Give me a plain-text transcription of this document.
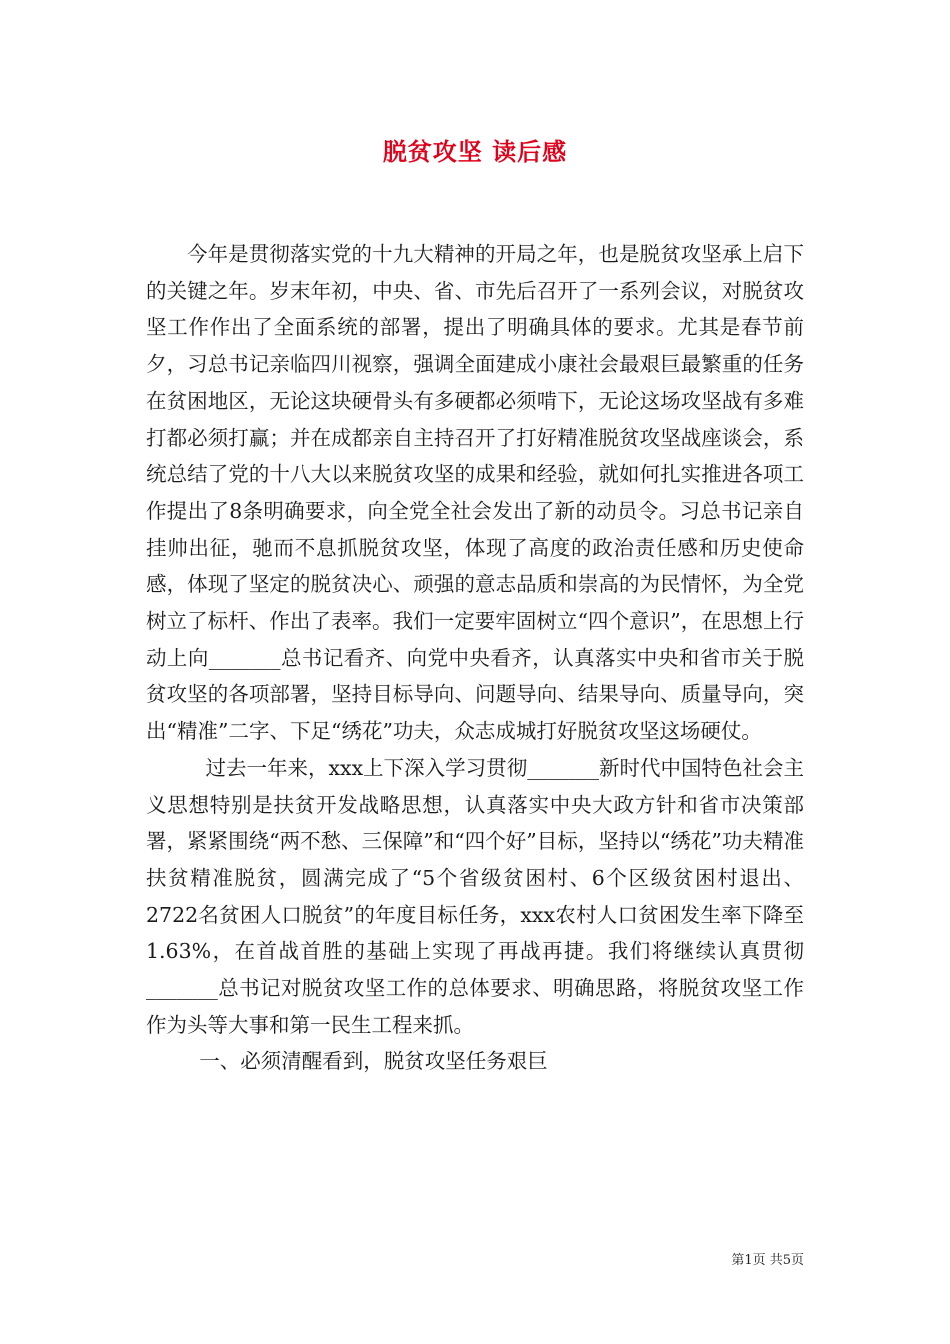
脱贫攻坚 读后感

今年是贯彻落实党的十九大精神的开局之年，也是脱贫攻坚承上启下的关键之年。岁末年初，中央、省、市先后召开了一系列会议，对脱贫攻坚工作作出了全面系统的部署，提出了明确具体的要求。尤其是春节前夕，习总书记亲临四川视察，强调全面建成小康社会最艰巨最繁重的任务在贫困地区，无论这块硬骨头有多硬都必须啃下，无论这场攻坚战有多难打都必须打赢；并在成都亲自主持召开了打好精准脱贫攻坚战座谈会，系统总结了党的十八大以来脱贫攻坚的成果和经验，就如何扎实推进各项工作提出了8条明确要求，向全党全社会发出了新的动员令。习总书记亲自挂帅出征，驰而不息抓脱贫攻坚，体现了高度的政治责任感和历史使命感，体现了坚定的脱贫决心、顽强的意志品质和崇高的为民情怀，为全党树立了标杆、作出了表率。我们一定要牢固树立“四个意识”，在思想上行动上向_______总书记看齐、向党中央看齐，认真落实中央和省市关于脱贫攻坚的各项部署，坚持目标导向、问题导向、结果导向、质量导向，突出“精准”二字、下足“绣花”功夫，众志成城打好脱贫攻坚这场硬仗。

过去一年来，xxx上下深入学习贯彻_______新时代中国特色社会主义思想特别是扶贫开发战略思想，认真落实中央大政方针和省市决策部署，紧紧围绕“两不愁、三保障”和“四个好”目标，坚持以“绣花”功夫精准扶贫精准脱贫，圆满完成了“5个省级贫困村、6个区级贫困村退出、2722名贫困人口脱贫”的年度目标任务，xxx农村人口贫困发生率下降至1.63%，在首战首胜的基础上实现了再战再捷。我们将继续认真贯彻_______总书记对脱贫攻坚工作的总体要求、明确思路，将脱贫攻坚工作作为头等大事和第一民生工程来抓。

一、必须清醒看到，脱贫攻坚任务艰巨

第1页 共5页
